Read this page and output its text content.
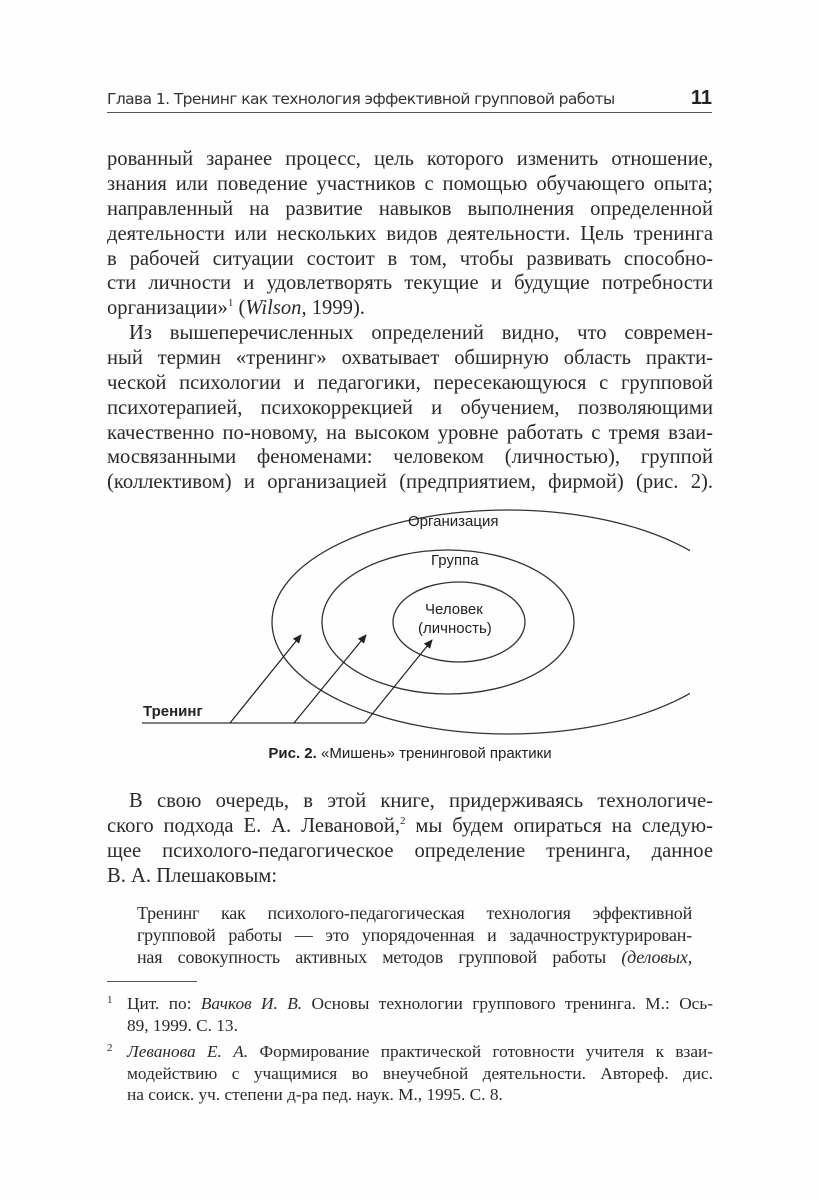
Глава 1. Тренинг как технология эффективной групповой работы	11
рованный заранее процесс, цель которого изменить отношение,
знания или поведение участников с помощью обучающего опыта;
направленный на развитие навыков выполнения определенной
деятельности или нескольких видов деятельности. Цель тренинга
в рабочей ситуации состоит в том, чтобы развивать способно-
сти личности и удовлетворять текущие и будущие потребности
организации»$^1$ (Wilson, 1999).
Из вышеперечисленных определений видно, что современ-
ный термин «тренинг» охватывает обширную область практи-
ческой психологии и педагогики, пересекающуюся с групповой
психотерапией, психокоррекцией и обучением, позволяющими
качественно по-новому, на высоком уровне работать с тремя взаи-
мосвязанными феноменами: человеком (личностью), группой
(коллективом) и организацией (предприятием, фирмой) (рис. 2).
Организация
Группа
Человек
(личность)
Тренинг
Рис. 2. «Мишень» тренинговой практики
В свою очередь, в этой книге, придерживаясь технологиче-
ского подхода Е. А. Левановой,$^2$ мы будем опираться на следую-
щее психолого-педагогическое определение тренинга, данное
В. А. Плешаковым:
Тренинг как психолого-педагогическая технология эффективной
групповой работы — это упорядоченная и задачноструктурирован-
ная совокупность активных методов групповой работы (деловых,
1 Цит. по: Вачков И. В. Основы технологии группового тренинга. М.: Ось-
89, 1999. С. 13.
2 Леванова Е. А. Формирование практической готовности учителя к взаи-
модействию с учащимися во внеучебной деятельности. Автореф. дис.
на соиск. уч. степени д-ра пед. наук. М., 1995. С. 8.
